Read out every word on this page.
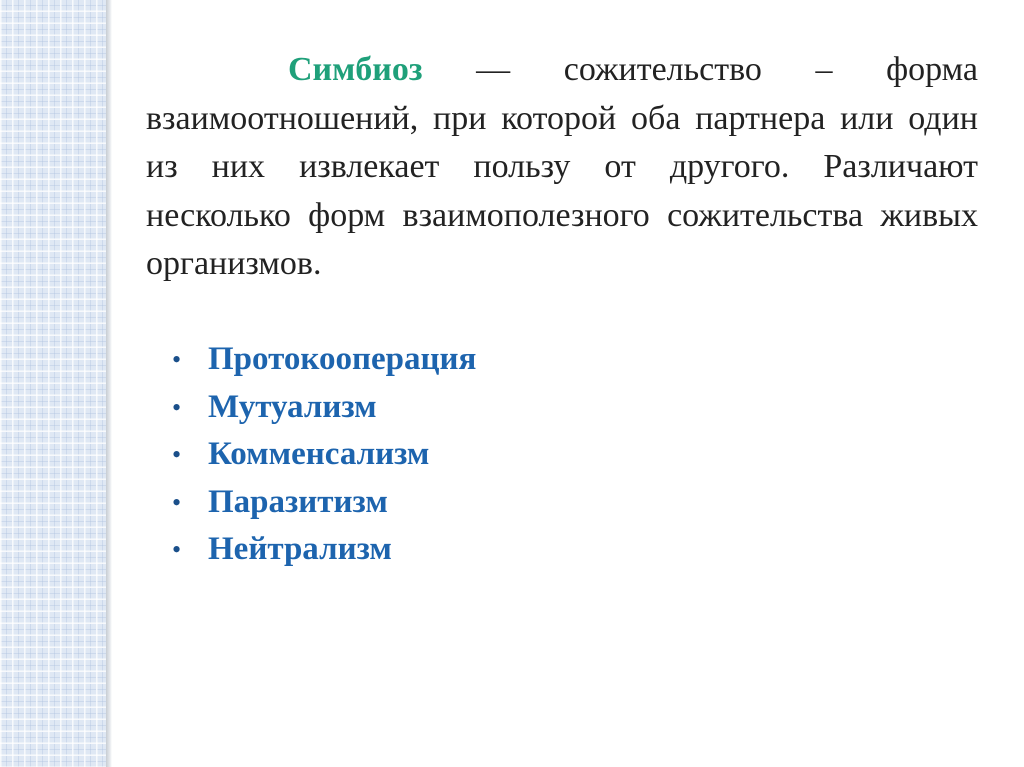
Симбиоз — сожительство – форма взаимоотношений, при которой оба партнера или один из них извлекает пользу от другого. Различают несколько форм взаимополезного сожительства живых организмов.

• Протокооперация
• Мутуализм
• Комменсализм
• Паразитизм
• Нейтрализм
